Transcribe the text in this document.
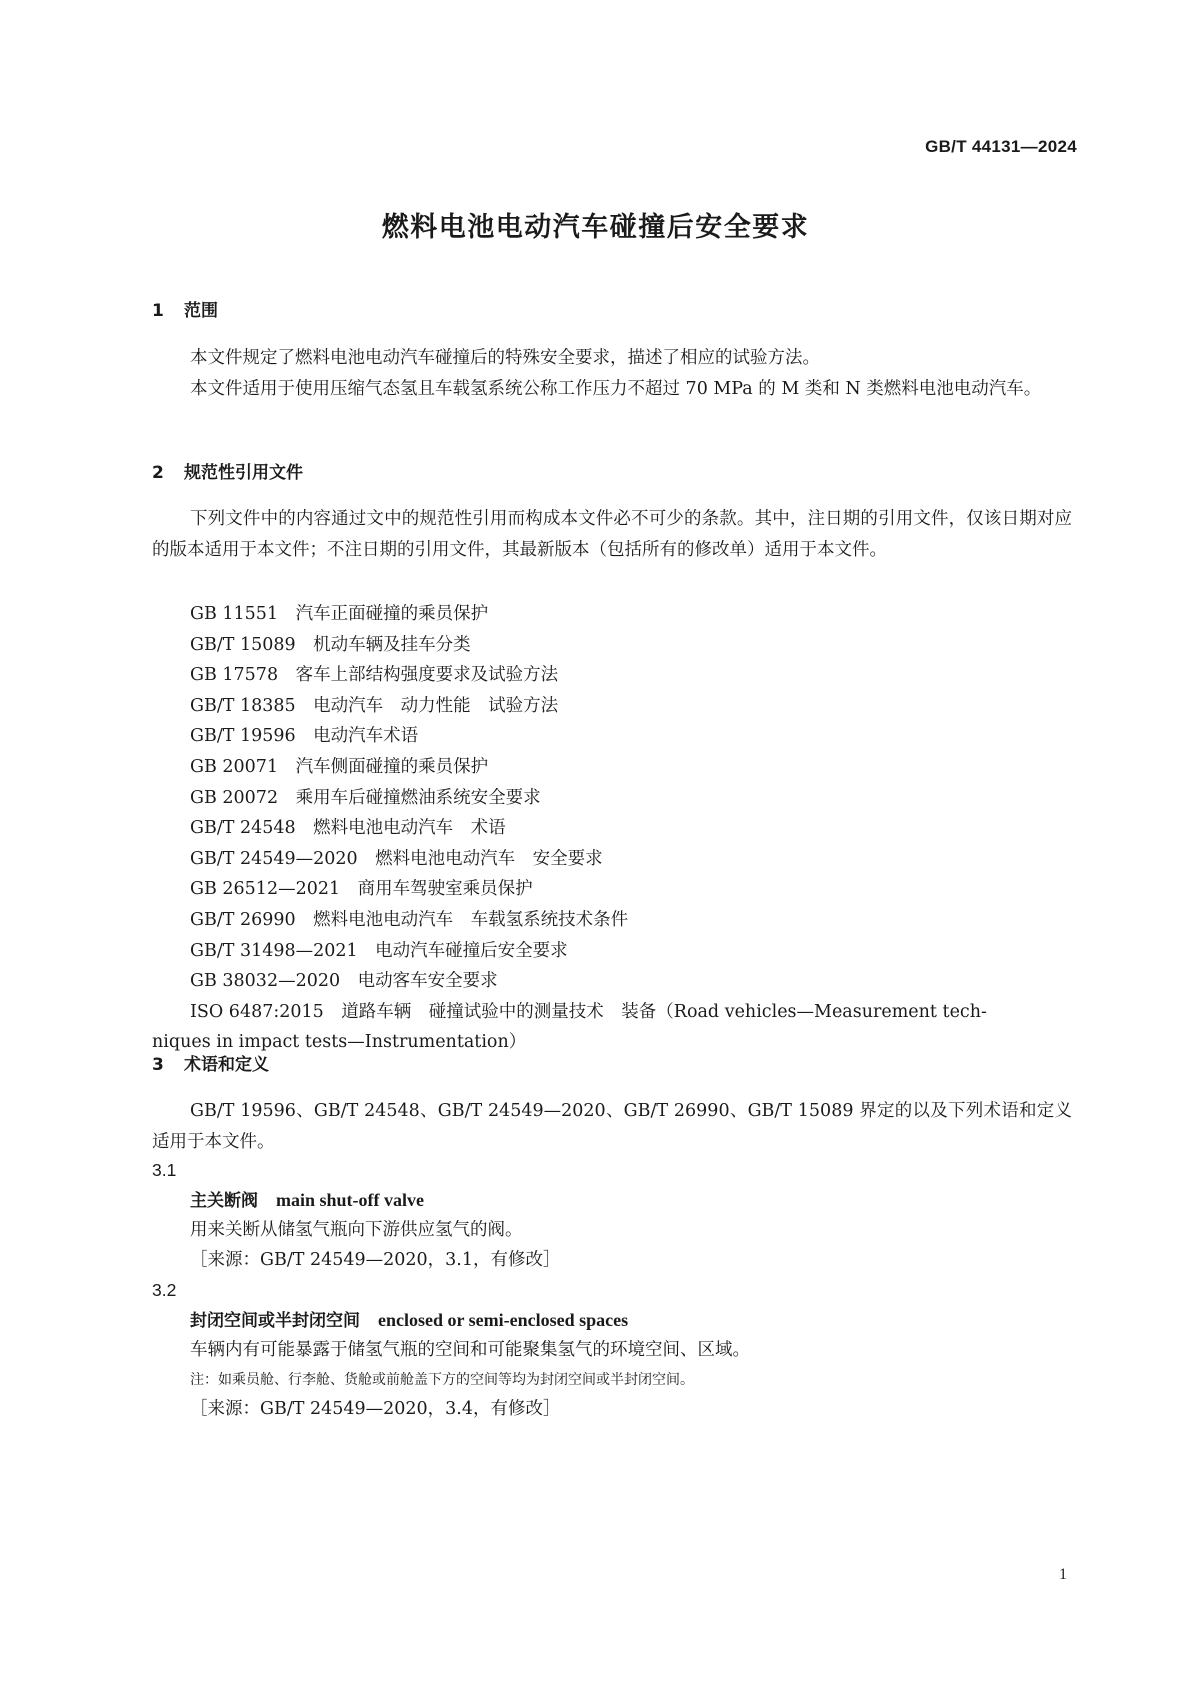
GB/T 44131—2024
燃料电池电动汽车碰撞后安全要求
1 范围

本文件规定了燃料电池电动汽车碰撞后的特殊安全要求，描述了相应的试验方法。

本文件适用于使用压缩气态氢且车载氢系统公称工作压力不超过 70 MPa 的 M 类和 N 类燃料电池电动汽车。

2 规范性引用文件

下列文件中的内容通过文中的规范性引用而构成本文件必不可少的条款。其中，注日期的引用文件，仅该日期对应的版本适用于本文件；不注日期的引用文件，其最新版本（包括所有的修改单）适用于本文件。

GB 11551　汽车正面碰撞的乘员保护
GB/T 15089　机动车辆及挂车分类
GB 17578　客车上部结构强度要求及试验方法
GB/T 18385　电动汽车　动力性能　试验方法
GB/T 19596　电动汽车术语
GB 20071　汽车侧面碰撞的乘员保护
GB 20072　乘用车后碰撞燃油系统安全要求
GB/T 24548　燃料电池电动汽车　术语
GB/T 24549—2020　燃料电池电动汽车　安全要求
GB 26512—2021　商用车驾驶室乘员保护
GB/T 26990　燃料电池电动汽车　车载氢系统技术条件
GB/T 31498—2021　电动汽车碰撞后安全要求
GB 38032—2020　电动客车安全要求
ISO 6487:2015　道路车辆　碰撞试验中的测量技术　装备（Road vehicles—Measurement tech-
niques in impact tests—Instrumentation）
3 术语和定义

GB/T 19596、GB/T 24548、GB/T 24549—2020、GB/T 26990、GB/T 15089 界定的以及下列术语和定义适用于本文件。

3.1
主关断阀 main shut-off valve
用来关断从储氢气瓶向下游供应氢气的阀。
［来源：GB/T 24549—2020，3.1，有修改］
3.2
封闭空间或半封闭空间 enclosed or semi-enclosed spaces
车辆内有可能暴露于储氢气瓶的空间和可能聚集氢气的环境空间、区域。
注：如乘员舱、行李舱、货舱或前舱盖下方的空间等均为封闭空间或半封闭空间。
［来源：GB/T 24549—2020，3.4，有修改］
1
